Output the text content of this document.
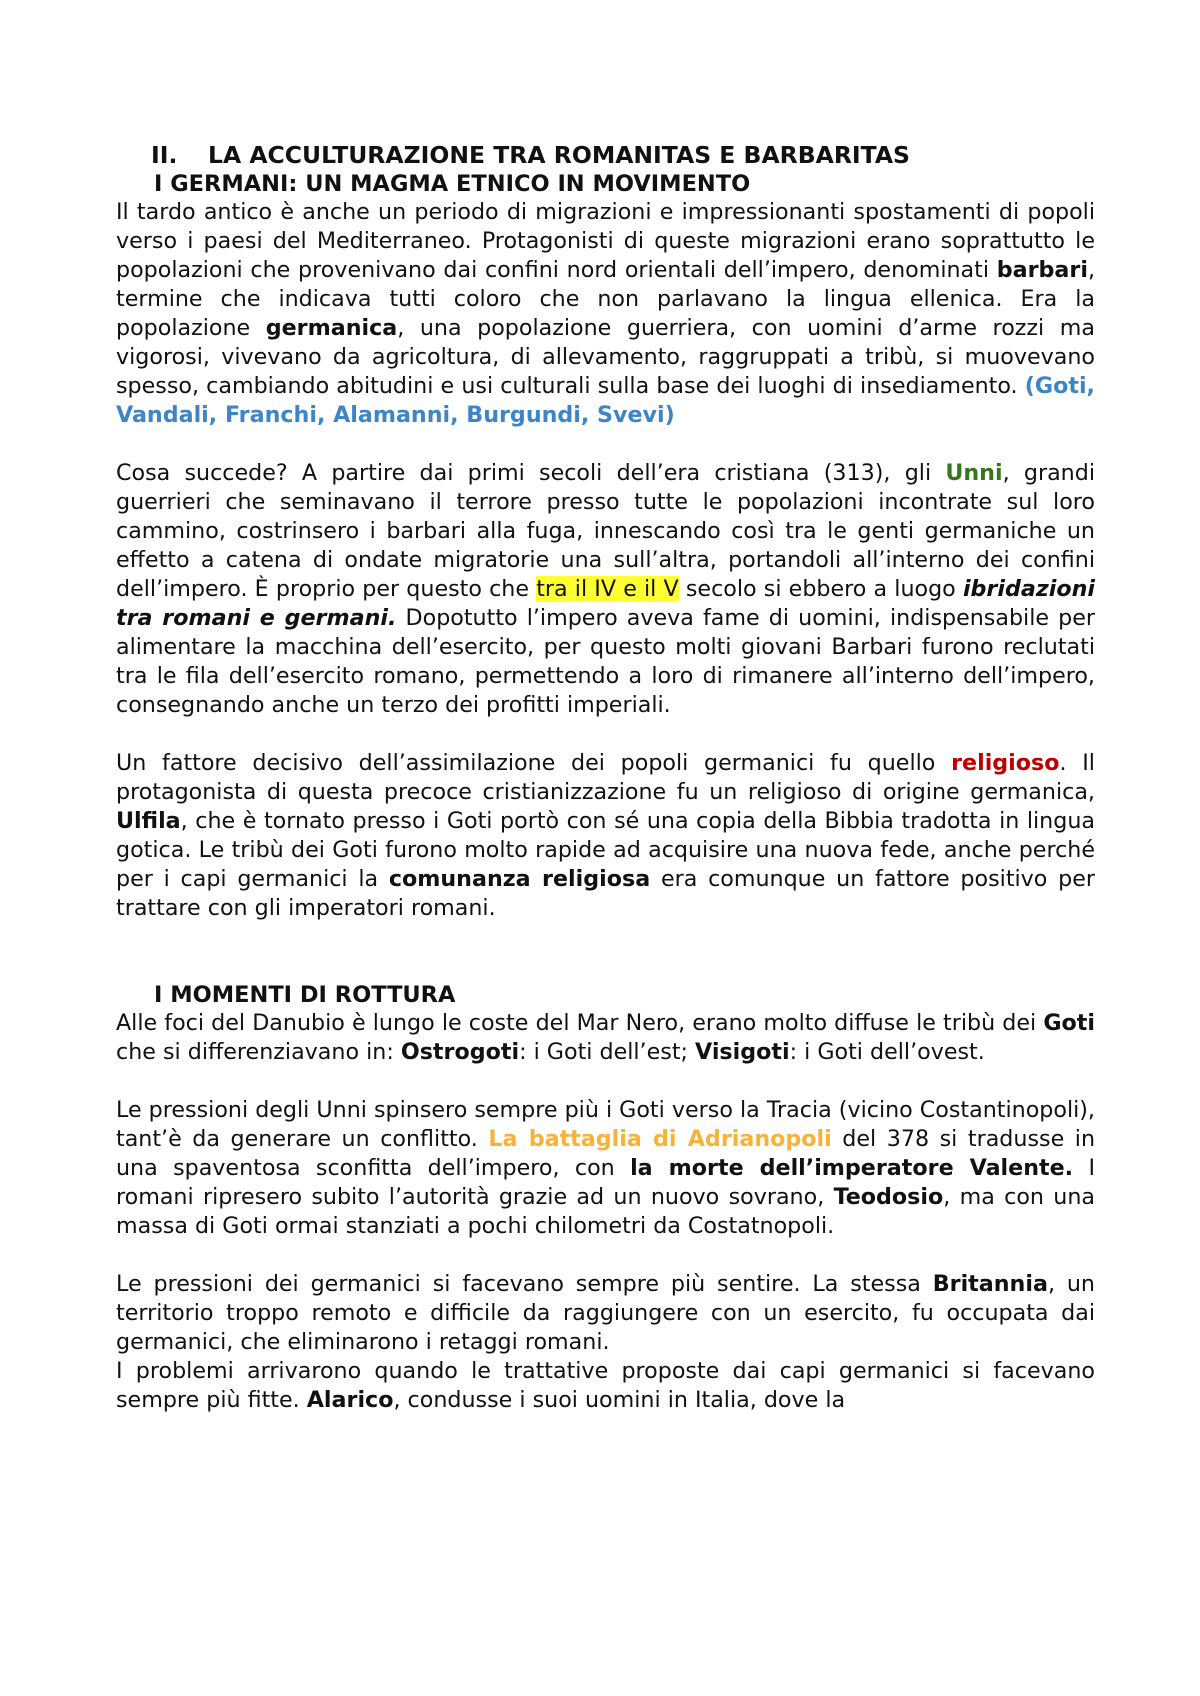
II.	LA ACCULTURAZIONE TRA ROMANITAS E BARBARITAS
I GERMANI: UN MAGMA ETNICO IN MOVIMENTO

Il tardo antico è anche un periodo di migrazioni e impressionanti spostamenti di popoli verso i paesi del Mediterraneo. Protagonisti di queste migrazioni erano soprattutto le popolazioni che provenivano dai confini nord orientali dell’impero, denominati barbari, termine che indicava tutti coloro che non parlavano la lingua ellenica. Era la popolazione germanica, una popolazione guerriera, con uomini d’arme rozzi ma vigorosi, vivevano da agricoltura, di allevamento, raggruppati a tribù, si muovevano spesso, cambiando abitudini e usi culturali sulla base dei luoghi di insediamento. (Goti, Vandali, Franchi, Alamanni, Burgundi, Svevi)

Cosa succede? A partire dai primi secoli dell’era cristiana (313), gli Unni, grandi guerrieri che seminavano il terrore presso tutte le popolazioni incontrate sul loro cammino, costrinsero i barbari alla fuga, innescando così tra le genti germaniche un effetto a catena di ondate migratorie una sull’altra, portandoli all’interno dei confini dell’impero. È proprio per questo che tra il IV e il V secolo si ebbero a luogo ibridazioni tra romani e germani. Dopotutto l’impero aveva fame di uomini, indispensabile per alimentare la macchina dell’esercito, per questo molti giovani Barbari furono reclutati tra le fila dell’esercito romano, permettendo a loro di rimanere all’interno dell’impero, consegnando anche un terzo dei profitti imperiali.

Un fattore decisivo dell’assimilazione dei popoli germanici fu quello religioso. Il protagonista di questa precoce cristianizzazione fu un religioso di origine germanica, Ulfila, che è tornato presso i Goti portò con sé una copia della Bibbia tradotta in lingua gotica. Le tribù dei Goti furono molto rapide ad acquisire una nuova fede, anche perché per i capi germanici la comunanza religiosa era comunque un fattore positivo per trattare con gli imperatori romani.

I MOMENTI DI ROTTURA

Alle foci del Danubio è lungo le coste del Mar Nero, erano molto diffuse le tribù dei Goti che si differenziavano in: Ostrogoti: i Goti dell’est; Visigoti: i Goti dell’ovest.

Le pressioni degli Unni spinsero sempre più i Goti verso la Tracia (vicino Costantinopoli), tant’è da generare un conflitto. La battaglia di Adrianopoli del 378 si tradusse in una spaventosa sconfitta dell’impero, con la morte dell’imperatore Valente. I romani ripresero subito l’autorità grazie ad un nuovo sovrano, Teodosio, ma con una massa di Goti ormai stanziati a pochi chilometri da Costatnopoli.

Le pressioni dei germanici si facevano sempre più sentire. La stessa Britannia, un territorio troppo remoto e difficile da raggiungere con un esercito, fu occupata dai germanici, che eliminarono i retaggi romani.

I problemi arrivarono quando le trattative proposte dai capi germanici si facevano sempre più fitte. Alarico, condusse i suoi uomini in Italia, dove la
